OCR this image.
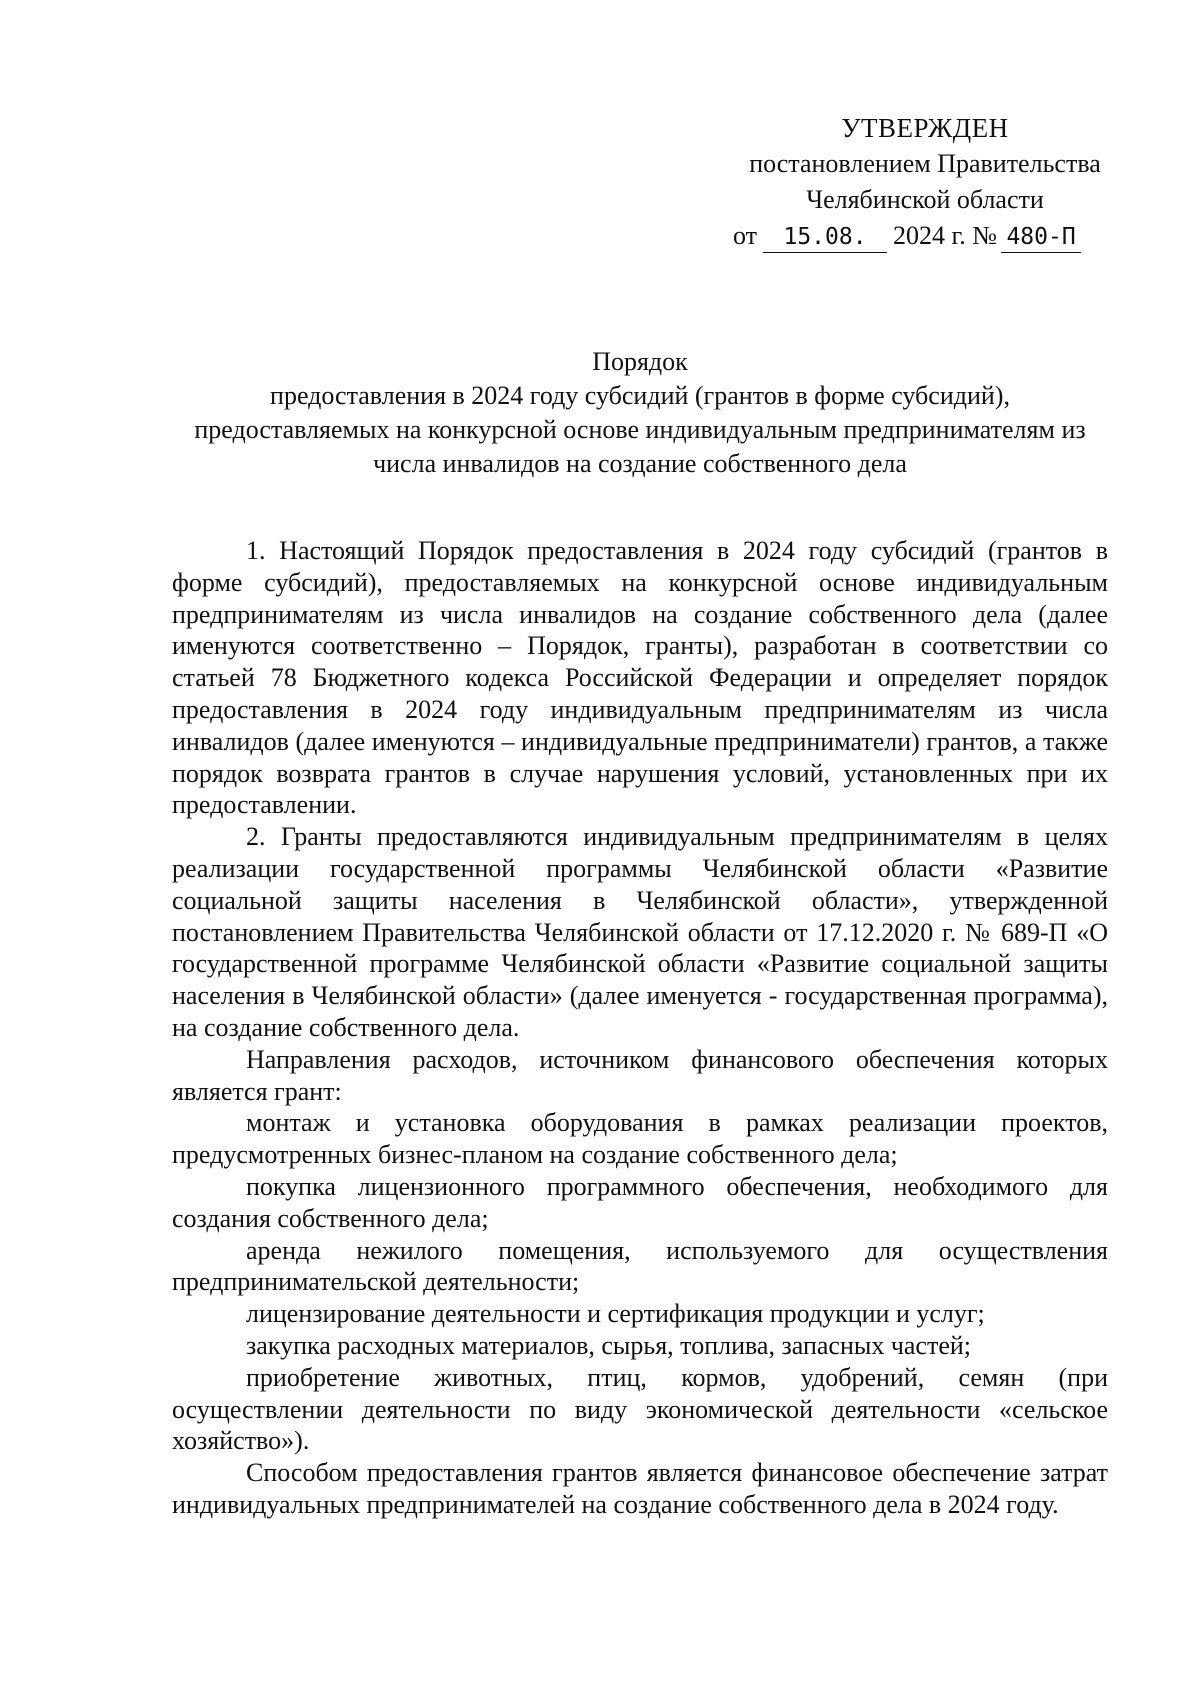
УТВЕРЖДЕН
постановлением Правительства
Челябинской области
от 15.08. 2024 г. № 480-П
Порядок
предоставления в 2024 году субсидий (грантов в форме субсидий),
предоставляемых на конкурсной основе индивидуальным предпринимателям из
числа инвалидов на создание собственного дела

1. Настоящий Порядок предоставления в 2024 году субсидий (грантов в форме субсидий), предоставляемых на конкурсной основе индивидуальным предпринимателям из числа инвалидов на создание собственного дела (далее именуются соответственно – Порядок, гранты), разработан в соответствии со статьей 78 Бюджетного кодекса Российской Федерации и определяет порядок предоставления в 2024 году индивидуальным предпринимателям из числа инвалидов (далее именуются – индивидуальные предприниматели) грантов, а также порядок возврата грантов в случае нарушения условий, установленных при их предоставлении.

2. Гранты предоставляются индивидуальным предпринимателям в целях реализации государственной программы Челябинской области «Развитие социальной защиты населения в Челябинской области», утвержденной постановлением Правительства Челябинской области от 17.12.2020 г. № 689-П «О государственной программе Челябинской области «Развитие социальной защиты населения в Челябинской области» (далее именуется - государственная программа), на создание собственного дела.

Направления расходов, источником финансового обеспечения которых является грант:

монтаж и установка оборудования в рамках реализации проектов, предусмотренных бизнес-планом на создание собственного дела;

покупка лицензионного программного обеспечения, необходимого для создания собственного дела;

аренда нежилого помещения, используемого для осуществления предпринимательской деятельности;

лицензирование деятельности и сертификация продукции и услуг;

закупка расходных материалов, сырья, топлива, запасных частей;

приобретение животных, птиц, кормов, удобрений, семян (при осуществлении деятельности по виду экономической деятельности «сельское хозяйство»).

Способом предоставления грантов является финансовое обеспечение затрат индивидуальных предпринимателей на создание собственного дела в 2024 году.
